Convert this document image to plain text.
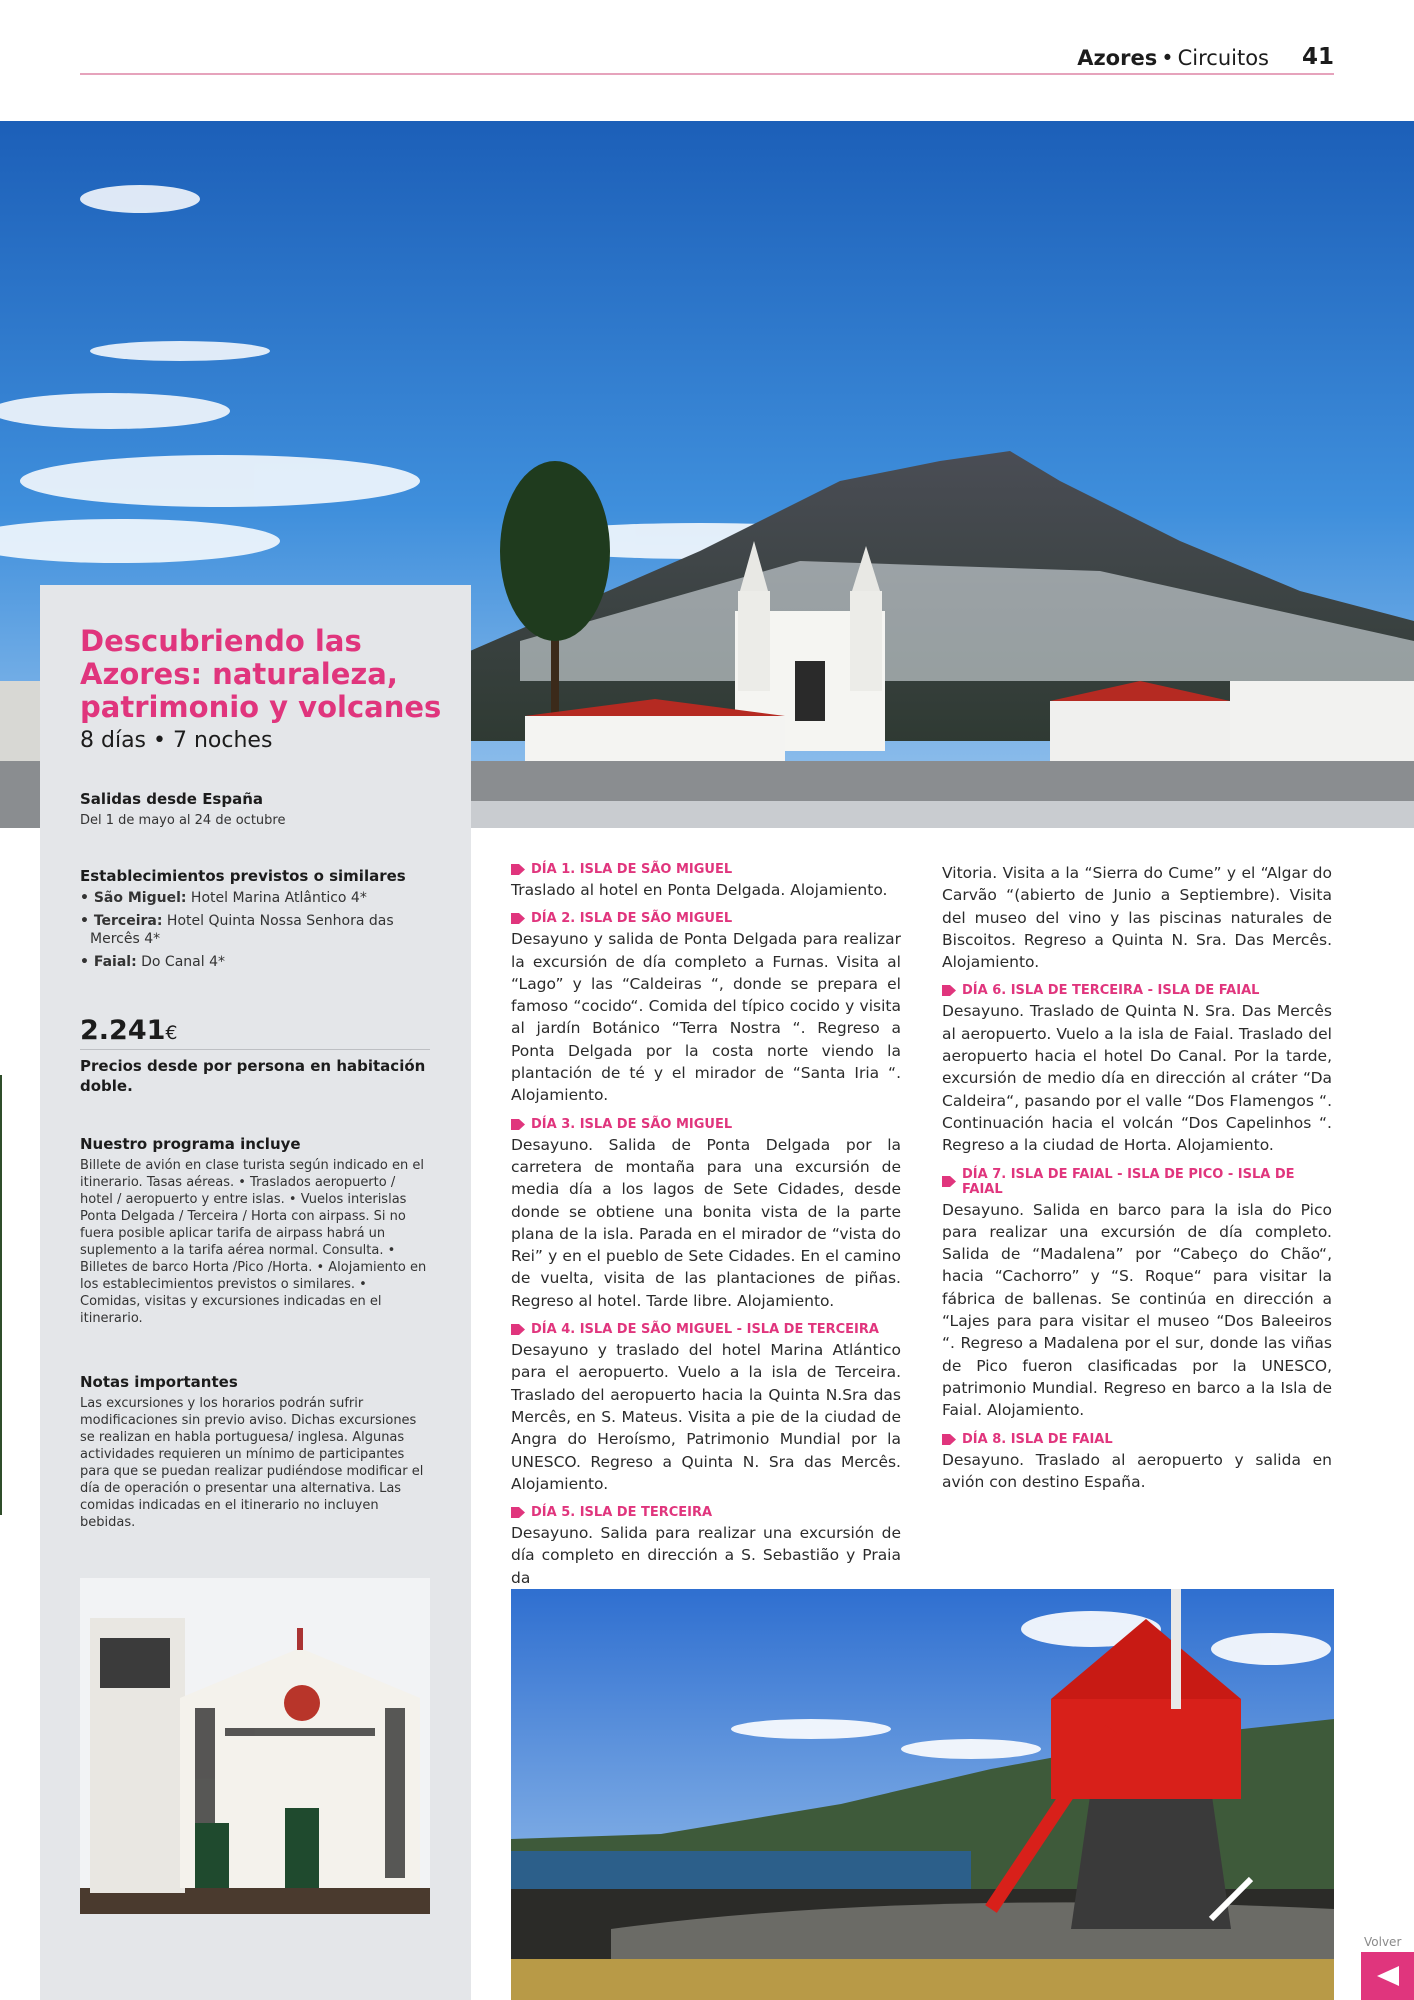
Azores • Circuitos 41
Descubriendo las Azores: naturaleza, patrimonio y volcanes
8 días • 7 noches

Salidas desde España

Del 1 de mayo al 24 de octubre

Establecimientos previstos o similares

• São Miguel: Hotel Marina Atlântico 4*
• Terceira: Hotel Quinta Nossa Senhora das Mercês 4*
• Faial: Do Canal 4*
2.241€

Precios desde por persona en habitación doble.

Nuestro programa incluye

Billete de avión en clase turista según indicado en el itinerario. Tasas aéreas. • Traslados aeropuerto / hotel / aeropuerto y entre islas. • Vuelos interislas Ponta Delgada / Terceira / Horta con airpass. Si no fuera posible aplicar tarifa de airpass habrá un suplemento a la tarifa aérea normal. Consulta. • Billetes de barco Horta /Pico /Horta. • Alojamiento en los establecimientos previstos o similares. • Comidas, visitas y excursiones indicadas en el itinerario.

Notas importantes

Las excursiones y los horarios podrán sufrir modificaciones sin previo aviso. Dichas excursiones se realizan en habla portuguesa/ inglesa. Algunas actividades requieren un mínimo de participantes para que se puedan realizar pudiéndose modificar el día de operación o presentar una alternativa. Las comidas indicadas en el itinerario no incluyen bebidas.

DÍA 1. ISLA DE SÃO MIGUEL

Traslado al hotel en Ponta Delgada. Alojamiento.

DÍA 2. ISLA DE SÃO MIGUEL

Desayuno y salida de Ponta Delgada para realizar la excursión de día completo a Furnas. Visita al “Lago” y las “Caldeiras “, donde se prepara el famoso “cocido“. Comida del típico cocido y visita al jardín Botánico “Terra Nostra “. Regreso a Ponta Delgada por la costa norte viendo la plantación de té y el mirador de “Santa Iria “. Alojamiento.

DÍA 3. ISLA DE SÃO MIGUEL

Desayuno. Salida de Ponta Delgada por la carretera de montaña para una excursión de media día a los lagos de Sete Cidades, desde donde se obtiene una bonita vista de la parte plana de la isla. Parada en el mirador de “vista do Rei” y en el pueblo de Sete Cidades. En el camino de vuelta, visita de las plantaciones de piñas. Regreso al hotel. Tarde libre. Alojamiento.

DÍA 4. ISLA DE SÃO MIGUEL - ISLA DE TERCEIRA

Desayuno y traslado del hotel Marina Atlántico para el aeropuerto. Vuelo a la isla de Terceira. Traslado del aeropuerto hacia la Quinta N.Sra das Mercês, en S. Mateus. Visita a pie de la ciudad de Angra do Heroísmo, Patrimonio Mundial por la UNESCO. Regreso a Quinta N. Sra das Mercês. Alojamiento.

DÍA 5. ISLA DE TERCEIRA

Desayuno. Salida para realizar una excursión de día completo en dirección a S. Sebastião y Praia da

Vitoria. Visita a la “Sierra do Cume” y el “Algar do Carvão “(abierto de Junio a Septiembre). Visita del museo del vino y las piscinas naturales de Biscoitos. Regreso a Quinta N. Sra. Das Mercês. Alojamiento.

DÍA 6. ISLA DE TERCEIRA - ISLA DE FAIAL

Desayuno. Traslado de Quinta N. Sra. Das Mercês al aeropuerto. Vuelo a la isla de Faial. Traslado del aeropuerto hacia el hotel Do Canal. Por la tarde, excursión de medio día en dirección al cráter “Da Caldeira“, pasando por el valle “Dos Flamengos “. Continuación hacia el volcán “Dos Capelinhos “. Regreso a la ciudad de Horta. Alojamiento.

DÍA 7. ISLA DE FAIAL - ISLA DE PICO - ISLA DE FAIAL

Desayuno. Salida en barco para la isla do Pico para realizar una excursión de día completo. Salida de “Madalena” por “Cabeço do Chão“, hacia “Cachorro” y “S. Roque“ para visitar la fábrica de ballenas. Se continúa en dirección a “Lajes para para visitar el museo “Dos Baleeiros “. Regreso a Madalena por el sur, donde las viñas de Pico fueron clasificadas por la UNESCO, patrimonio Mundial. Regreso en barco a la Isla de Faial. Alojamiento.

DÍA 8. ISLA DE FAIAL

Desayuno. Traslado al aeropuerto y salida en avión con destino España.

Volver
